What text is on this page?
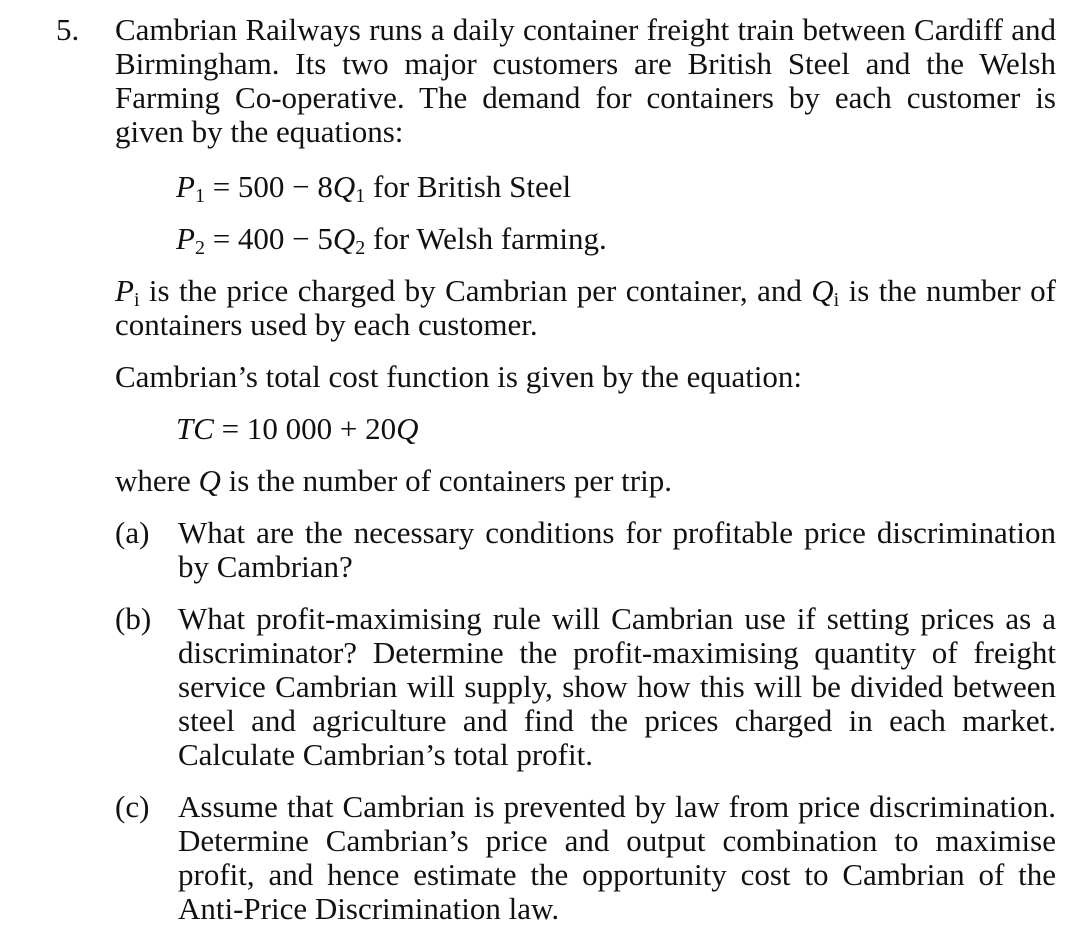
5. Cambrian Railways runs a daily container freight train between Cardiff and Birmingham. Its two major customers are British Steel and the Welsh Farming Co-operative. The demand for containers by each customer is given by the equations:
$P_1 = 500 - 8Q_1$ for British Steel
$P_2 = 400 - 5Q_2$ for Welsh farming.
$P_i$ is the price charged by Cambrian per container, and $Q_i$ is the number of containers used by each customer.
Cambrian’s total cost function is given by the equation:
TC = 10 000 + 20Q
where Q is the number of containers per trip.
(a) What are the necessary conditions for profitable price discrimination by Cambrian?
(b) What profit-maximising rule will Cambrian use if setting prices as a discriminator? Determine the profit-maximising quantity of freight service Cambrian will supply, show how this will be divided between steel and agriculture and find the prices charged in each market. Calculate Cambrian’s total profit.
(c) Assume that Cambrian is prevented by law from price discrimination. Determine Cambrian’s price and output combination to maximise profit, and hence estimate the opportunity cost to Cambrian of the Anti-Price Discrimination law.
